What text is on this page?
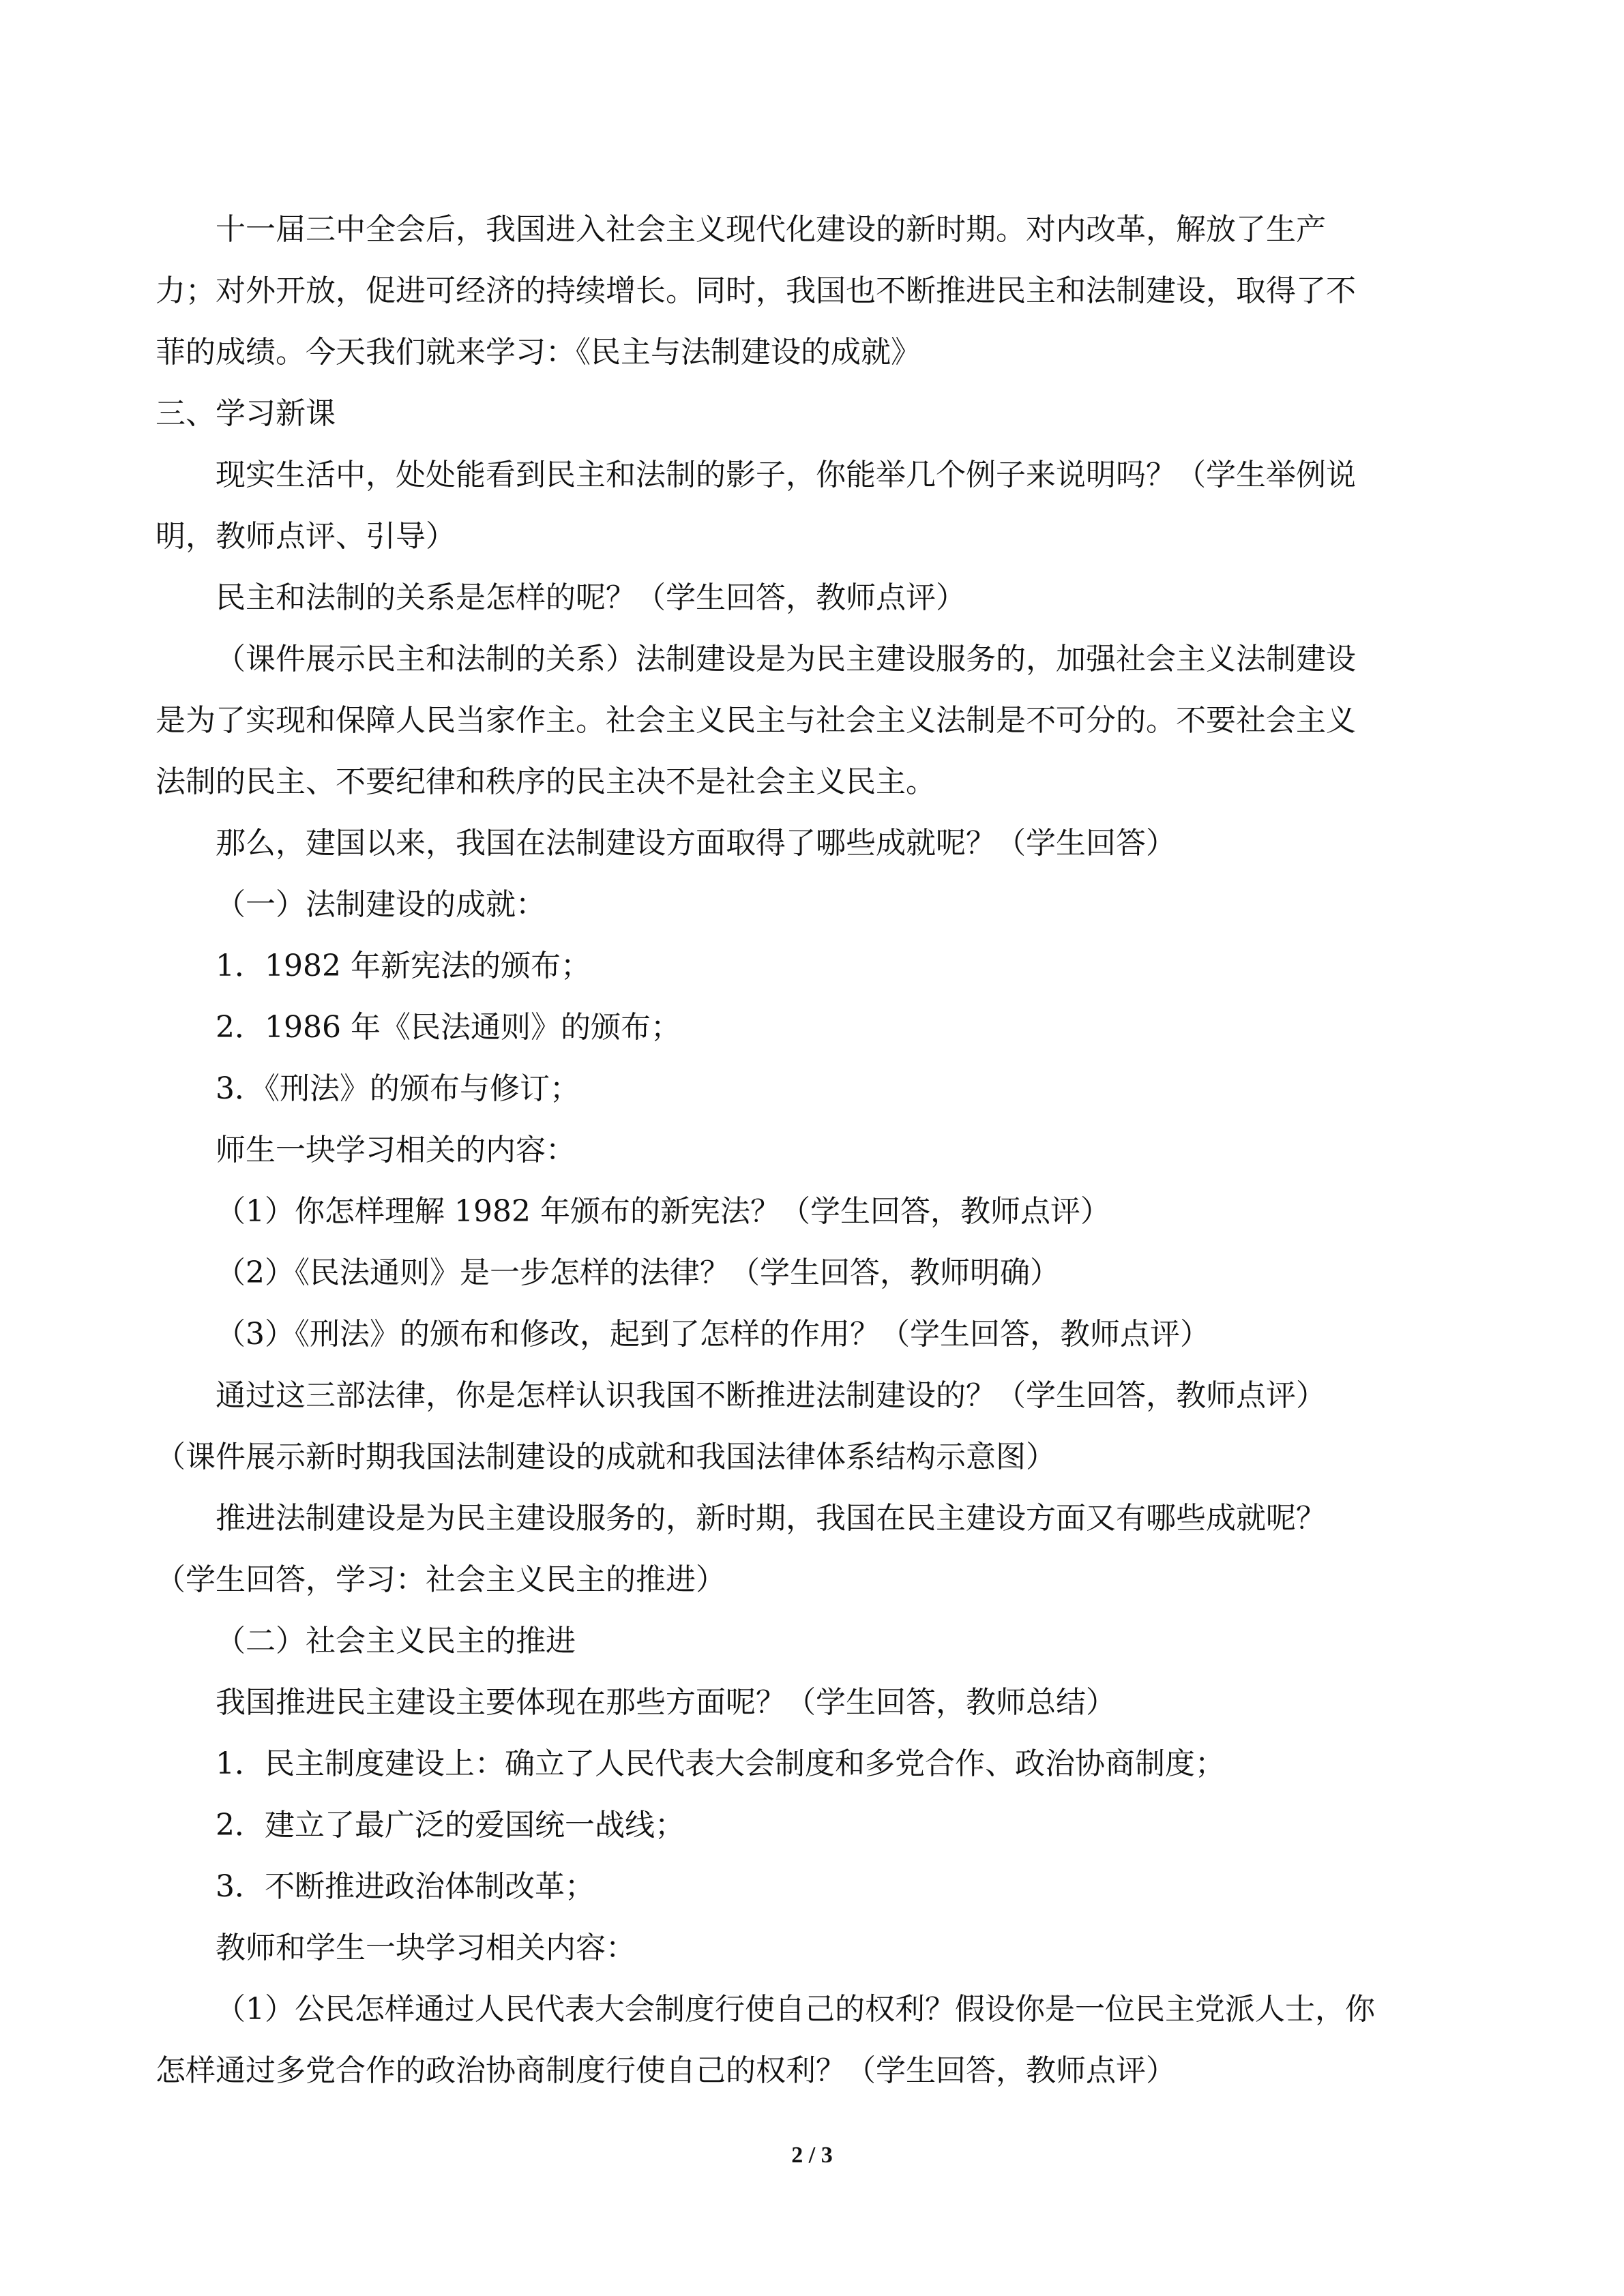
十一届三中全会后，我国进入社会主义现代化建设的新时期。对内改革，解放了生产
力；对外开放，促进可经济的持续增长。同时，我国也不断推进民主和法制建设，取得了不
菲的成绩。今天我们就来学习：《民主与法制建设的成就》
三、学习新课
现实生活中，处处能看到民主和法制的影子，你能举几个例子来说明吗？（学生举例说
明，教师点评、引导）
民主和法制的关系是怎样的呢？（学生回答，教师点评）
（课件展示民主和法制的关系）法制建设是为民主建设服务的，加强社会主义法制建设
是为了实现和保障人民当家作主。社会主义民主与社会主义法制是不可分的。不要社会主义
法制的民主、不要纪律和秩序的民主决不是社会主义民主。
那么，建国以来，我国在法制建设方面取得了哪些成就呢？（学生回答）
（一）法制建设的成就：
1．1982 年新宪法的颁布；
2．1986 年《民法通则》的颁布；
3．《刑法》的颁布与修订；
师生一块学习相关的内容：
（1）你怎样理解 1982 年颁布的新宪法？（学生回答，教师点评）
（2）《民法通则》是一步怎样的法律？（学生回答，教师明确）
（3）《刑法》的颁布和修改，起到了怎样的作用？（学生回答，教师点评）
通过这三部法律，你是怎样认识我国不断推进法制建设的？（学生回答，教师点评）
（课件展示新时期我国法制建设的成就和我国法律体系结构示意图）
推进法制建设是为民主建设服务的，新时期，我国在民主建设方面又有哪些成就呢？
（学生回答，学习：社会主义民主的推进）
（二）社会主义民主的推进
我国推进民主建设主要体现在那些方面呢？（学生回答，教师总结）
1．民主制度建设上：确立了人民代表大会制度和多党合作、政治协商制度；
2．建立了最广泛的爱国统一战线；
3．不断推进政治体制改革；
教师和学生一块学习相关内容：
（1）公民怎样通过人民代表大会制度行使自己的权利？假设你是一位民主党派人士，你
怎样通过多党合作的政治协商制度行使自己的权利？（学生回答，教师点评）
2 / 3
